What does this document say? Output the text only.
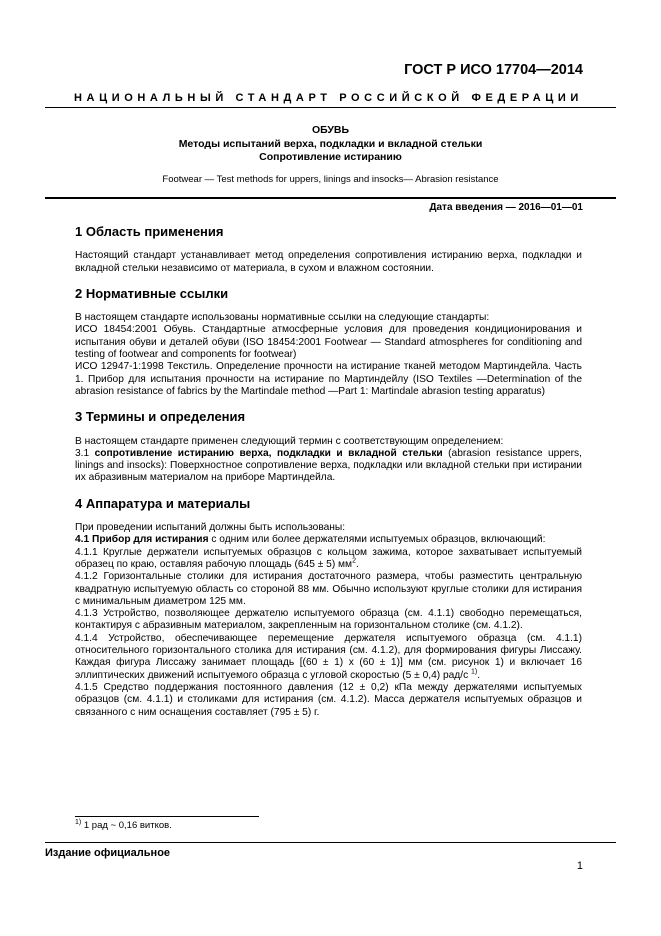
ГОСТ Р ИСО 17704—2014
НАЦИОНАЛЬНЫЙ СТАНДАРТ РОССИЙСКОЙ ФЕДЕРАЦИИ
ОБУВЬ
Методы испытаний верха, подкладки и вкладной стельки
Сопротивление истиранию
Footwear — Test methods for uppers, linings and insocks— Abrasion resistance
Дата введения — 2016—01—01
1 Область применения

Настоящий стандарт устанавливает метод определения сопротивления истиранию верха, подкладки и вкладной стельки независимо от материала, в сухом и влажном состоянии.

2 Нормативные ссылки

В настоящем стандарте использованы нормативные ссылки на следующие стандарты:

ИСО 18454:2001 Обувь. Стандартные атмосферные условия для проведения кондиционирования и испытания обуви и деталей обуви (ISO 18454:2001 Footwear — Standard atmospheres for conditioning and testing of footwear and components for footwear)

ИСО 12947-1:1998 Текстиль. Определение прочности на истирание тканей методом Мартиндейла. Часть 1. Прибор для испытания прочности на истирание по Мартиндейлу (ISO Textiles —Determination of the abrasion resistance of fabrics by the Martindale method —Part 1: Martindale abrasion testing apparatus)

3 Термины и определения

В настоящем стандарте применен следующий термин с соответствующим определением:

3.1 сопротивление истиранию верха, подкладки и вкладной стельки (abrasion resistance uppers, linings and insocks): Поверхностное сопротивление верха, подкладки или вкладной стельки при истирании их абразивным материалом на приборе Мартиндейла.

4 Аппаратура и материалы

При проведении испытаний должны быть использованы:

4.1 Прибор для истирания с одним или более держателями испытуемых образцов, включающий:

4.1.1 Круглые держатели испытуемых образцов с кольцом зажима, которое захватывает испытуемый образец по краю, оставляя рабочую площадь (645 ± 5) $мм^2$.

4.1.2 Горизонтальные столики для истирания достаточного размера, чтобы разместить центральную квадратную испытуемую область со стороной 88 мм. Обычно используют круглые столики для истирания с минимальным диаметром 125 мм.

4.1.3 Устройство, позволяющее держателю испытуемого образца (см. 4.1.1) свободно перемещаться, контактируя с абразивным материалом, закрепленным на горизонтальном столике (см. 4.1.2).

4.1.4 Устройство, обеспечивающее перемещение держателя испытуемого образца (см. 4.1.1) относительного горизонтального столика для истирания (см. 4.1.2), для формирования фигуры Лиссажу. Каждая фигура Лиссажу занимает площадь [(60 ± 1) х (60 ± 1)] мм (см. рисунок 1) и включает 16 эллиптических движений испытуемого образца с угловой скоростью (5 ± 0,4) рад/с $^{1)}$.

4.1.5 Средство поддержания постоянного давления (12 ± 0,2) кПа между держателями испытуемых образцов (см. 4.1.1) и столиками для истирания (см. 4.1.2). Масса держателя испытуемых образцов и связанного с ним оснащения составляет (795 ± 5) г.

$^{1)}$ 1 рад ~ 0,16 витков.
Издание официальное
1
